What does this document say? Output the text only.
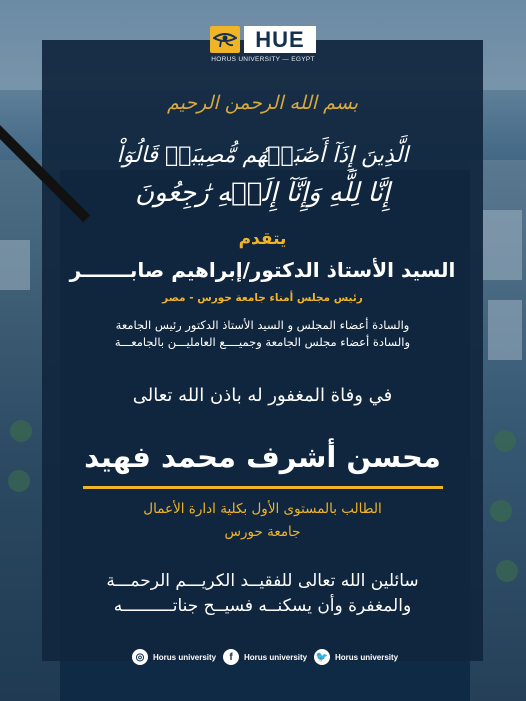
HUE
HORUS UNIVERSITY — EGYPT
بسم الله الرحمن الرحيم
الَّذِينَ إِذَآ أَصَٰبَتۡهُم مُّصِيبَةٞ قَالُوٓاْ
إِنَّا لِلَّهِ وَإِنَّآ إِلَيۡهِ رَٰجِعُونَ
يتقدم
السيد الأستاذ الدكتور/إبراهيم صابـــــــر
رئيس مجلس أمناء جامعة حورس - مصر
والسادة أعضاء المجلس و السيد الأستاذ الدكتور رئيس الجامعة
والسادة أعضاء مجلس الجامعة وجميــــع العامليـــن بالجامعـــة
في وفاة المغفور له باذن الله تعالى
محسن أشرف محمد فهيد
الطالب بالمستوى الأول بكلية ادارة الأعمال
جامعة حورس
سائلين الله تعالى للفقيــد الكريـــم الرحمـــة
والمغفرة وأن يسكنــه فسيــح جناتــــــــــه
◎	Horus university	f	Horus university 🐦 Horus university
